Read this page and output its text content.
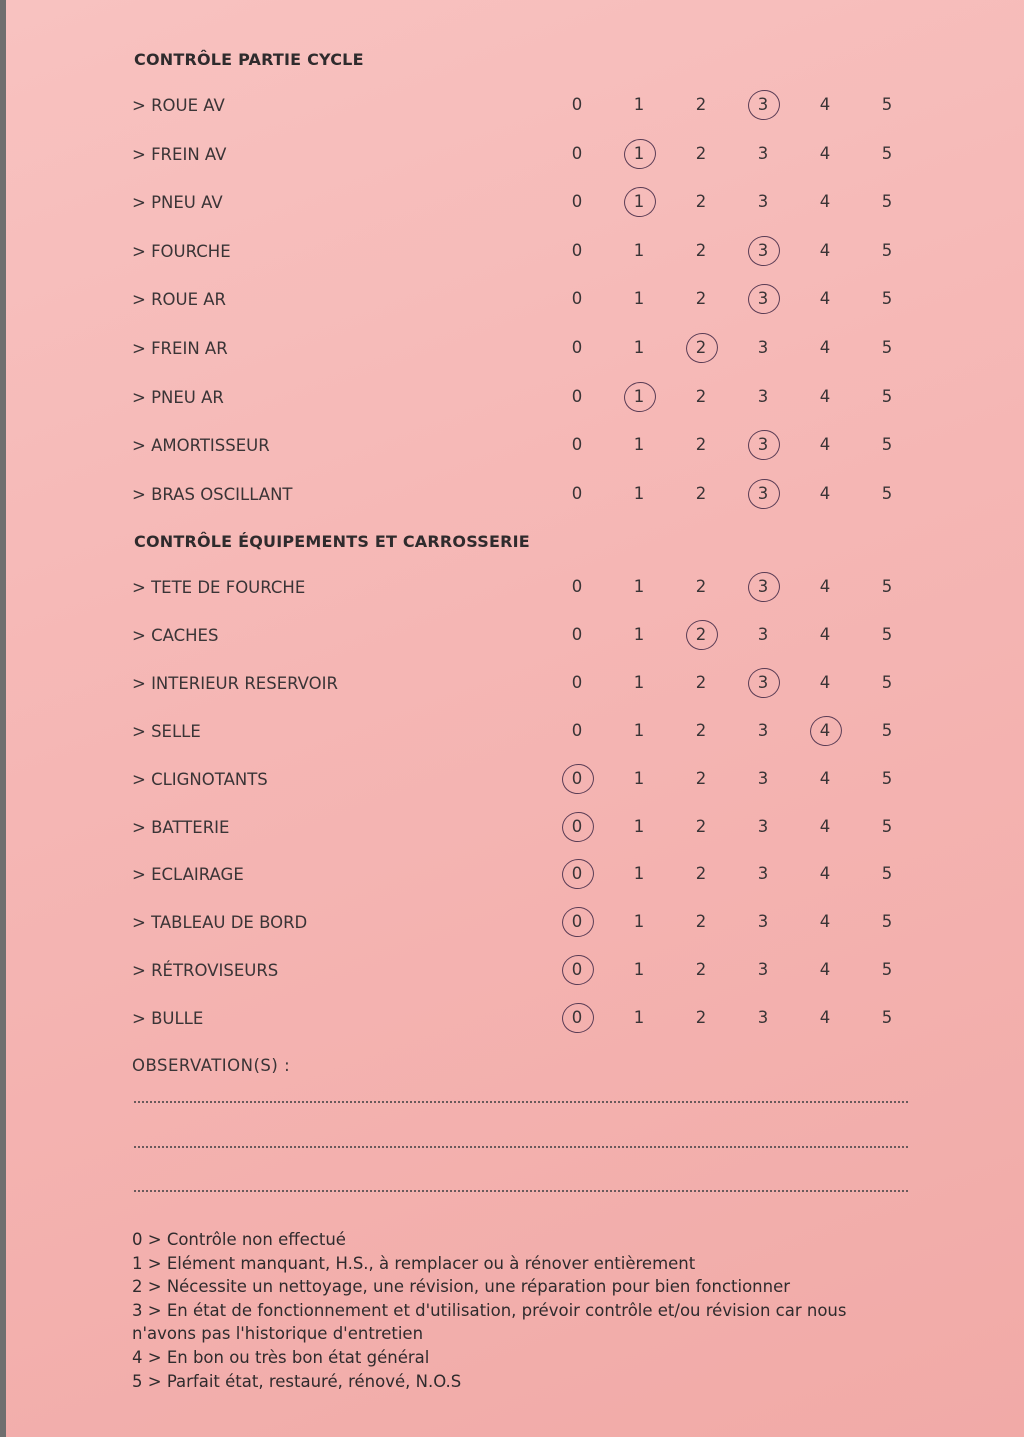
CONTRÔLE PARTIE CYCLE
> ROUE AV	0	1	2	3	4	5
> FREIN AV	0	1	2	3	4	5
> PNEU AV	0	1	2	3	4	5
> FOURCHE	0	1	2	3	4	5
> ROUE AR	0	1	2	3	4	5
> FREIN AR	0	1	2	3	4	5
> PNEU AR	0	1	2	3	4	5
> AMORTISSEUR	0	1	2	3	4	5
> BRAS OSCILLANT	0	1	2	3	4	5
CONTRÔLE ÉQUIPEMENTS ET CARROSSERIE
> TETE DE FOURCHE	0	1	2	3	4	5
> CACHES	0	1	2	3	4	5
> INTERIEUR RESERVOIR	0	1	2	3	4	5
> SELLE	0	1	2	3	4	5
> CLIGNOTANTS	0	1	2	3	4	5
> BATTERIE	0	1	2	3	4	5
> ECLAIRAGE	0	1	2	3	4	5
> TABLEAU DE BORD	0	1	2	3	4	5
> RÉTROVISEURS	0	1	2	3	4	5
> BULLE	0	1	2	3	4	5
OBSERVATION(S) :
0 > Contrôle non effectué
1 > Elément manquant, H.S., à remplacer ou à rénover entièrement
2 > Nécessite un nettoyage, une révision, une réparation pour bien fonctionner
3 > En état de fonctionnement et d'utilisation, prévoir contrôle et/ou révision car nous n'avons pas l'historique d'entretien
4 > En bon ou très bon état général
5 > Parfait état, restauré, rénové, N.O.S
